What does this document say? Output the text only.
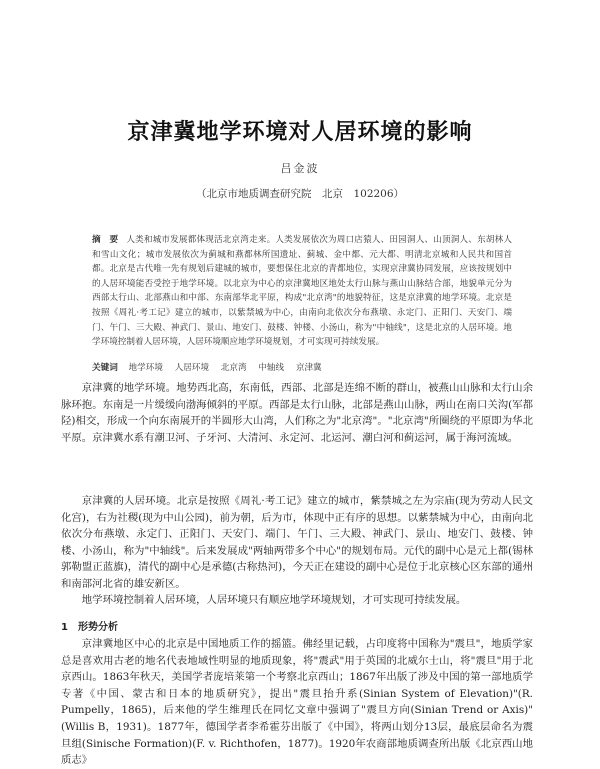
京津冀地学环境对人居环境的影响
吕金波
（北京市地质调查研究院　北京　102206）
摘　要 人类和城市发展都体现活北京湾走来。人类发展依次为周口店猿人、田园洞人、山顶洞人、东胡林人和雪山文化；城市发展依次为蓟城和燕都林所国遗址、蓟城、金中都、元大都、明清北京城和人民共和国首都。北京是古代唯一先有规划后建城的城市，要想保住北京的青都地位，实现京津冀协同发展，应该按规划中的人居环境能否受控于地学环境。以北京为中心的京津冀地区地处太行山脉与燕山山脉结合部，地貌单元分为西部太行山、北部燕山和中部、东南部华北平原，构成"北京湾"的地貌特征，这是京津冀的地学环境。北京是按照《周礼·考工记》建立的城市，以紫禁城为中心，由南向北依次分布燕墩、永定门、正阳门、天安门、端门、午门、三大殿、神武门、景山、地安门、鼓楼、钟楼、小汤山，称为"中轴线"，这是北京的人居环境。地学环境控制着人居环境，人居环境顺应地学环境规划，才可实现可持续发展。
关键词 地学环境 人居环境 北京湾 中轴线 京津冀

京津冀的地学环境。地势西北高，东南低，西部、北部是连绵不断的群山，被燕山山脉和太行山余脉环抱。东南是一片缓缓向渤海倾斜的平原。西部是太行山脉，北部是燕山山脉，两山在南口关沟(军都陉)相交，形成一个向东南展开的半圆形大山湾，人们称之为"北京湾"。"北京湾"所圈绕的平原即为华北平原。京津冀水系有潮卫河、子牙河、大清河、永定河、北运河、潮白河和蓟运河，属于海河流域。

京津冀的人居环境。北京是按照《周礼·考工记》建立的城市，紫禁城之左为宗庙(现为劳动人民文化宫)，右为社稷(现为中山公园)，前为朝，后为市，体现中正有序的思想。以紫禁城为中心，由南向北依次分布燕墩、永定门、正阳门、天安门、端门、午门、三大殿、神武门、景山、地安门、鼓楼、钟楼、小汤山，称为"中轴线"。后来发展成"两轴两带多个中心"的规划布局。元代的副中心是元上都(锡林郭勒盟正蓝旗)，清代的副中心是承德(古称热河)，今天正在建设的副中心是位于北京核心区东部的通州和南部河北省的雄安新区。

地学环境控制着人居环境，人居环境只有顺应地学环境规划，才可实现可持续发展。

1 形势分析

京津冀地区中心的北京是中国地质工作的摇篮。佛经里记载，占印度将中国称为"震旦"，地质学家总是喜欢用古老的地名代表地域性明显的地质现象，将"震武"用于英国的北威尔士山，将"震旦"用于北京西山。1863年秋天，美国学者庞培莱第一个考察北京西山；1867年出版了涉及中国的第一部地质学专著《中国、蒙古和日本的地质研究》，提出"震旦抬升系(Sinian System of Elevation)"(R. Pumpelly，1865)，后来他的学生维理氏在同忆文章中强调了"震旦方向(Sinian Trend or Axis)"(Willis B，1931)。1877年，德国学者李希霍芬出版了《中国》，将两山划分13层，最底层命名为震旦组(Sinische Formation)(F. v. Richthofen，1877)。1920年农商部地质调查所出版《北京西山地质志》
